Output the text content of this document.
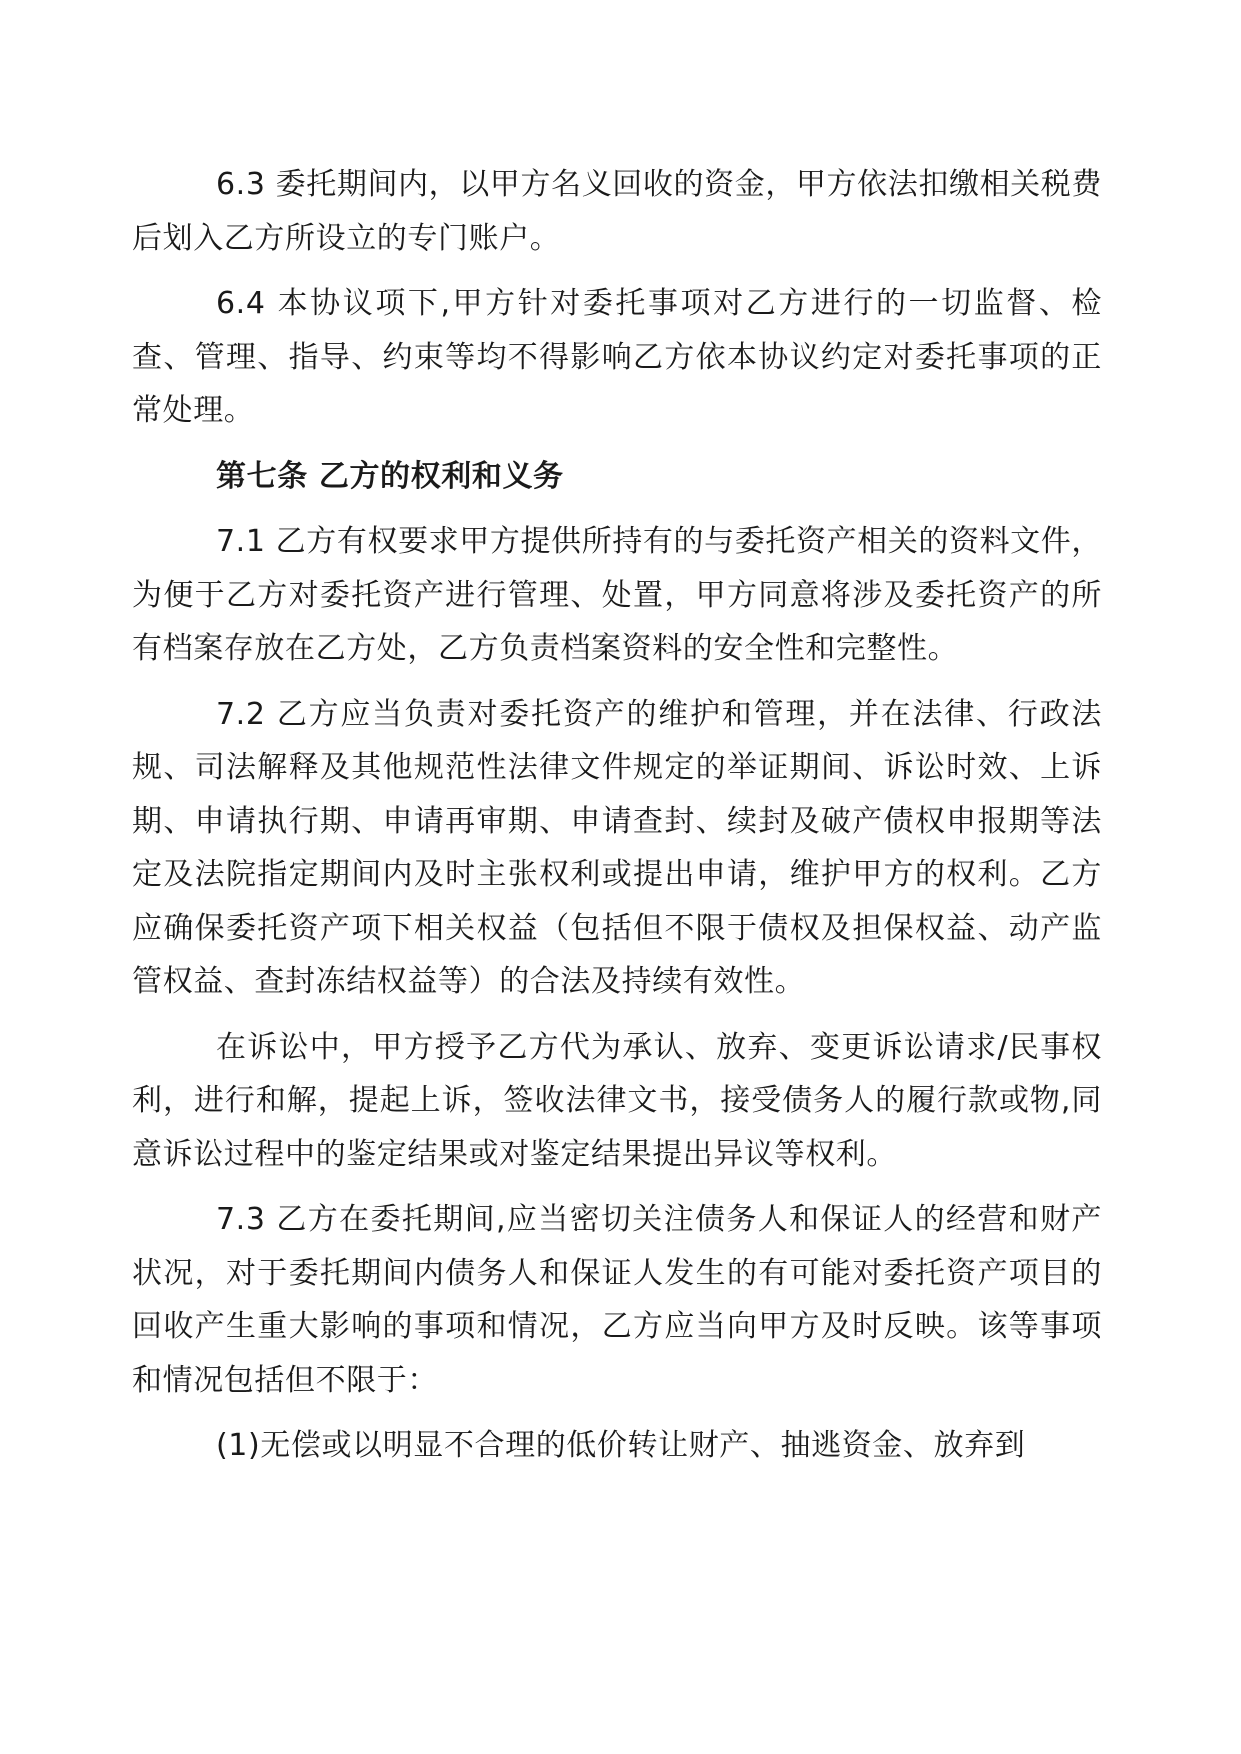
6.3 委托期间内，以甲方名义回收的资金，甲方依法扣缴相关税费后划入乙方所设立的专门账户。

6.4 本协议项下,甲方针对委托事项对乙方进行的一切监督、检查、管理、指导、约束等均不得影响乙方依本协议约定对委托事项的正常处理。

第七条 乙方的权利和义务

7.1 乙方有权要求甲方提供所持有的与委托资产相关的资料文件，为便于乙方对委托资产进行管理、处置，甲方同意将涉及委托资产的所有档案存放在乙方处，乙方负责档案资料的安全性和完整性。

7.2 乙方应当负责对委托资产的维护和管理，并在法律、行政法规、司法解释及其他规范性法律文件规定的举证期间、诉讼时效、上诉期、申请执行期、申请再审期、申请查封、续封及破产债权申报期等法定及法院指定期间内及时主张权利或提出申请，维护甲方的权利。乙方应确保委托资产项下相关权益（包括但不限于债权及担保权益、动产监管权益、查封冻结权益等）的合法及持续有效性。

在诉讼中，甲方授予乙方代为承认、放弃、变更诉讼请求/民事权利，进行和解，提起上诉，签收法律文书，接受债务人的履行款或物,同意诉讼过程中的鉴定结果或对鉴定结果提出异议等权利。

7.3 乙方在委托期间,应当密切关注债务人和保证人的经营和财产状况，对于委托期间内债务人和保证人发生的有可能对委托资产项目的回收产生重大影响的事项和情况，乙方应当向甲方及时反映。该等事项和情况包括但不限于：

(1)无偿或以明显不合理的低价转让财产、抽逃资金、放弃到
